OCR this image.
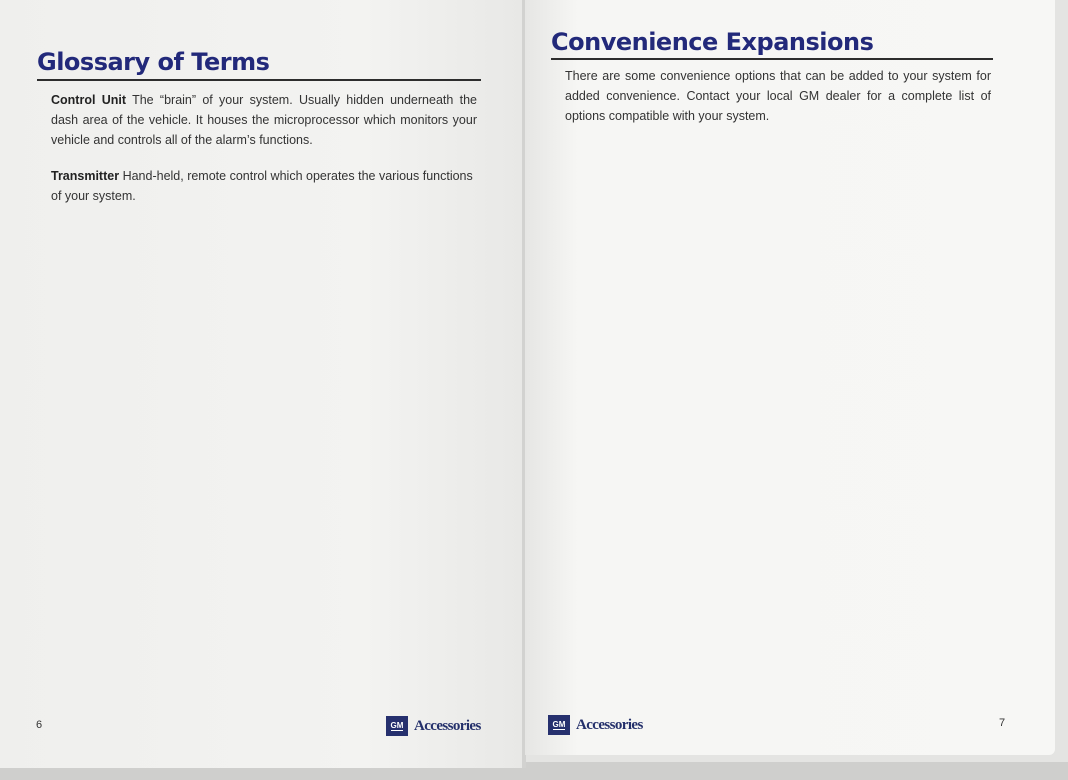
Glossary of Terms

Control Unit The “brain” of your system. Usually hidden underneath the dash area of the vehicle. It houses the microprocessor which monitors your vehicle and controls all of the alarm’s functions.

Transmitter Hand-held, remote control which operates the various functions of your system.

6	GM Accessories
Convenience Expansions

There are some convenience options that can be added to your system for added convenience. Contact your local GM dealer for a complete list of options compatible with your system.

GM Accessories	7
